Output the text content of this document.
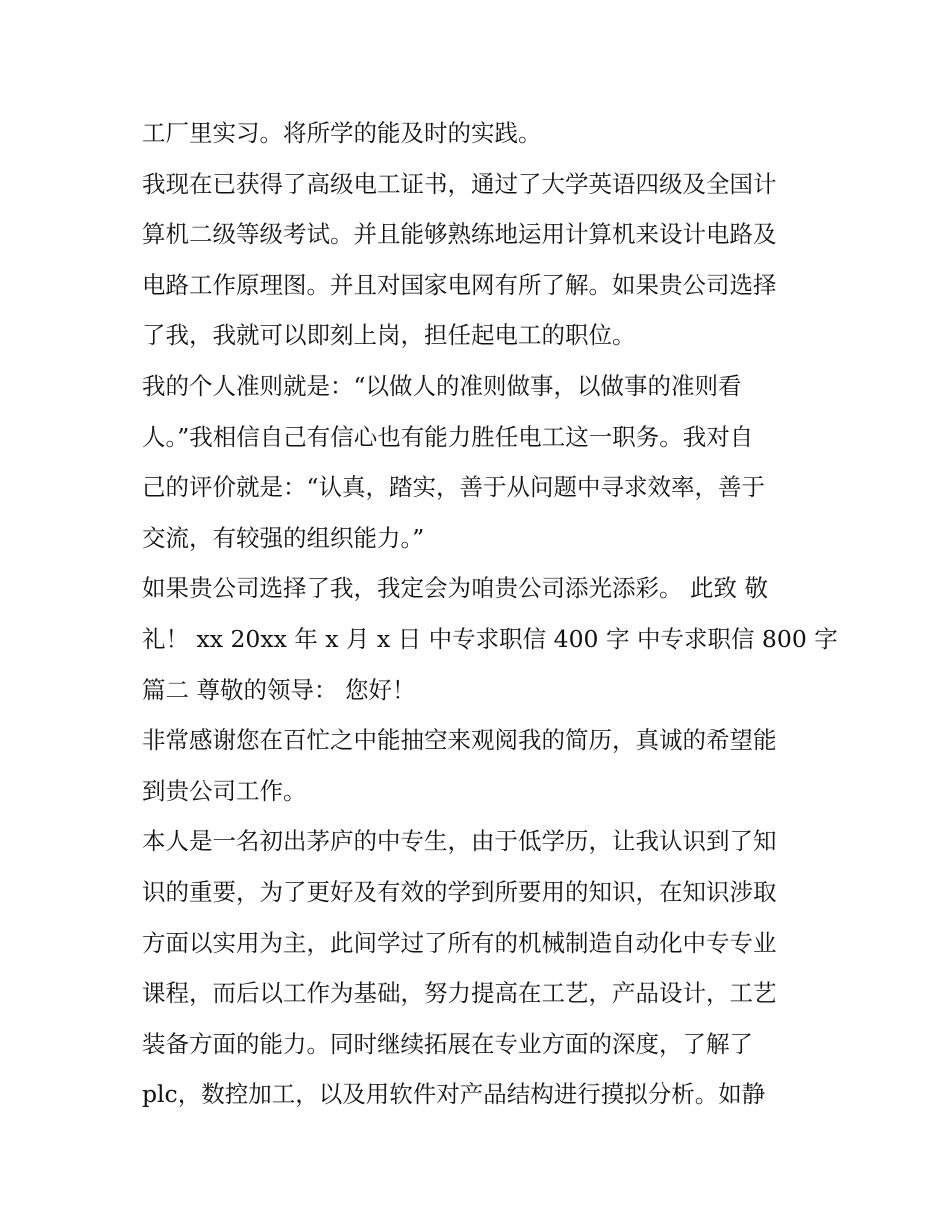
工厂里实习。将所学的能及时的实践。
我现在已获得了高级电工证书，通过了大学英语四级及全国计
算机二级等级考试。并且能够熟练地运用计算机来设计电路及
电路工作原理图。并且对国家电网有所了解。如果贵公司选择
了我，我就可以即刻上岗，担任起电工的职位。
我的个人准则就是：“以做人的准则做事，以做事的准则看
人。”我相信自己有信心也有能力胜任电工这一职务。我对自
己的评价就是：“认真，踏实，善于从问题中寻求效率，善于
交流，有较强的组织能力。”
如果贵公司选择了我，我定会为咱贵公司添光添彩。 此致 敬
礼！ xx 20xx 年 x 月 x 日 中专求职信 400 字 中专求职信 800 字
篇二 尊敬的领导： 您好！
非常感谢您在百忙之中能抽空来观阅我的简历，真诚的希望能
到贵公司工作。
本人是一名初出茅庐的中专生，由于低学历，让我认识到了知
识的重要，为了更好及有效的学到所要用的知识，在知识涉取
方面以实用为主，此间学过了所有的机械制造自动化中专专业
课程，而后以工作为基础，努力提高在工艺，产品设计，工艺
装备方面的能力。同时继续拓展在专业方面的深度，了解了
plc，数控加工，以及用软件对产品结构进行摸拟分析。如静
